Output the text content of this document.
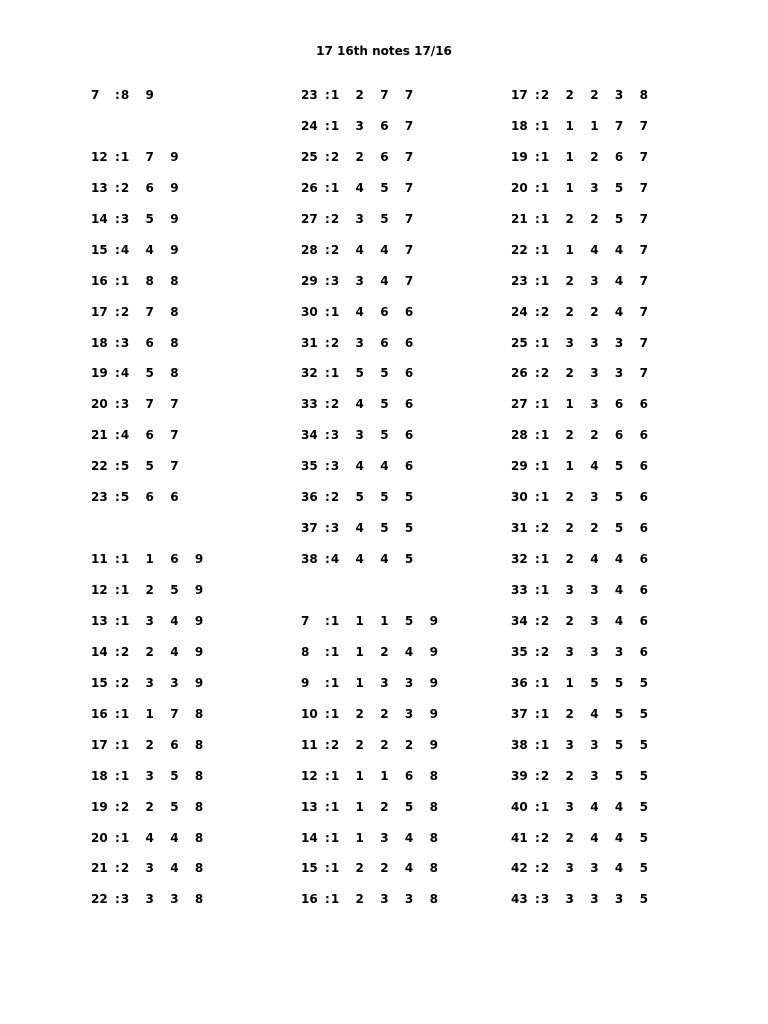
17 16th notes 17/16
7 :8  9
12 :1  7  9
13 :2  6  9
14 :3  5  9
15 :4  4  9
16 :1  8  8
17 :2  7  8
18 :3  6  8
19 :4  5  8
20 :3  7  7
21 :4  6  7
22 :5  5  7
23 :5  6  6
11 :1  1  6  9
12 :1  2  5  9
13 :1  3  4  9
14 :2  2  4  9
15 :2  3  3  9
16 :1  1  7  8
17 :1  2  6  8
18 :1  3  5  8
19 :2  2  5  8
20 :1  4  4  8
21 :2  3  4  8
22 :3  3  3  8
23 :1  2  7  7
24 :1  3  6  7
25 :2  2  6  7
26 :1  4  5  7
27 :2  3  5  7
28 :2  4  4  7
29 :3  3  4  7
30 :1  4  6  6
31 :2  3  6  6
32 :1  5  5  6
33 :2  4  5  6
34 :3  3  5  6
35 :3  4  4  6
36 :2  5  5  5
37 :3  4  5  5
38 :4  4  4  5
7 :1  1  1  5  9
8 :1  1  2  4  9
9 :1  1  3  3  9
10 :1  2  2  3  9
11 :2  2  2  2  9
12 :1  1  1  6  8
13 :1  1  2  5  8
14 :1  1  3  4  8
15 :1  2  2  4  8
16 :1  2  3  3  8
17 :2  2  2  3  8
18 :1  1  1  7  7
19 :1  1  2  6  7
20 :1  1  3  5  7
21 :1  2  2  5  7
22 :1  1  4  4  7
23 :1  2  3  4  7
24 :2  2  2  4  7
25 :1  3  3  3  7
26 :2  2  3  3  7
27 :1  1  3  6  6
28 :1  2  2  6  6
29 :1  1  4  5  6
30 :1  2  3  5  6
31 :2  2  2  5  6
32 :1  2  4  4  6
33 :1  3  3  4  6
34 :2  2  3  4  6
35 :2  3  3  3  6
36 :1  1  5  5  5
37 :1  2  4  5  5
38 :1  3  3  5  5
39 :2  2  3  5  5
40 :1  3  4  4  5
41 :2  2  4  4  5
42 :2  3  3  4  5
43 :3  3  3  3  5
